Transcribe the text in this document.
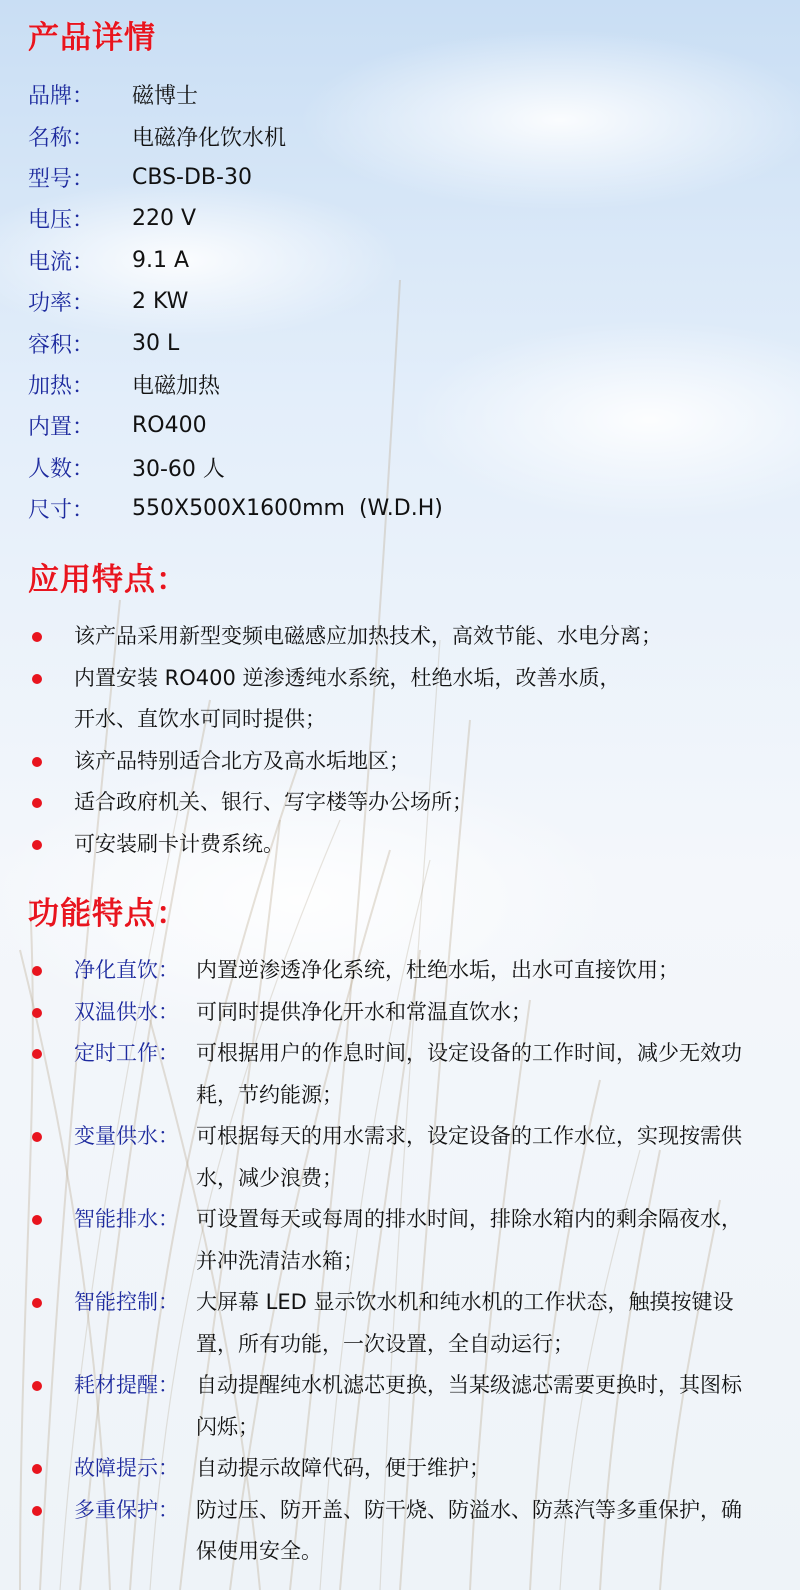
产品详情
品牌：	磁博士
名称：	电磁净化饮水机
型号：	CBS-DB-30
电压：	220 V
电流：	9.1 A
功率：	2 KW
容积：	30 L
加热：	电磁加热
内置：	RO400
人数：	30-60 人
尺寸：	550X500X1600mm  (W.D.H)
应用特点：
该产品采用新型变频电磁感应加热技术，高效节能、水电分离；
内置安装 RO400 逆渗透纯水系统，杜绝水垢，改善水质，
开水、直饮水可同时提供；
该产品特别适合北方及高水垢地区；
适合政府机关、银行、写字楼等办公场所；
可安装刷卡计费系统。
功能特点：
净化直饮： 内置逆渗透净化系统，杜绝水垢，出水可直接饮用；
双温供水： 可同时提供净化开水和常温直饮水；
定时工作： 可根据用户的作息时间，设定设备的工作时间，减少无效功耗，节约能源；
变量供水： 可根据每天的用水需求，设定设备的工作水位，实现按需供水，减少浪费；
智能排水： 可设置每天或每周的排水时间，排除水箱内的剩余隔夜水，并冲洗清洁水箱；
智能控制： 大屏幕 LED 显示饮水机和纯水机的工作状态，触摸按键设置，所有功能，一次设置，全自动运行；
耗材提醒： 自动提醒纯水机滤芯更换，当某级滤芯需要更换时，其图标闪烁；
故障提示： 自动提示故障代码，便于维护；
多重保护： 防过压、防开盖、防干烧、防溢水、防蒸汽等多重保护，确保使用安全。
